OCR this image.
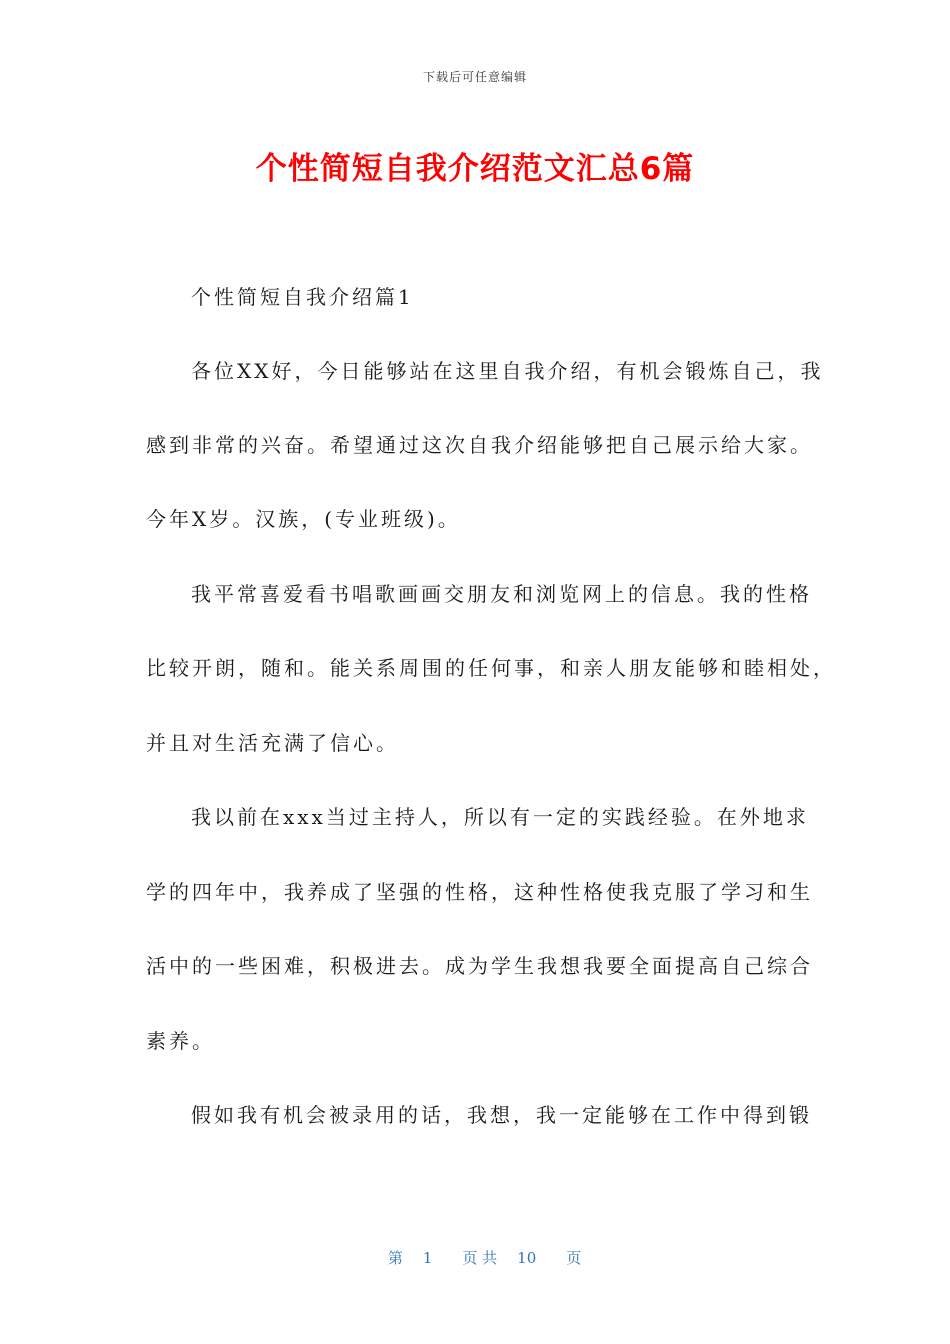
下载后可任意编辑
个性简短自我介绍范文汇总6篇
个性简短自我介绍篇1
各位XX好，今日能够站在这里自我介绍，有机会锻炼自己，我
感到非常的兴奋。希望通过这次自我介绍能够把自己展示给大家。
今年X岁。汉族，(专业班级)。
我平常喜爱看书唱歌画画交朋友和浏览网上的信息。我的性格
比较开朗，随和。能关系周围的任何事，和亲人朋友能够和睦相处，
并且对生活充满了信心。
我以前在xxx当过主持人，所以有一定的实践经验。在外地求
学的四年中，我养成了坚强的性格，这种性格使我克服了学习和生
活中的一些困难，积极进去。成为学生我想我要全面提高自己综合
素养。
假如我有机会被录用的话，我想，我一定能够在工作中得到锻

第 1 页 共 10 页
